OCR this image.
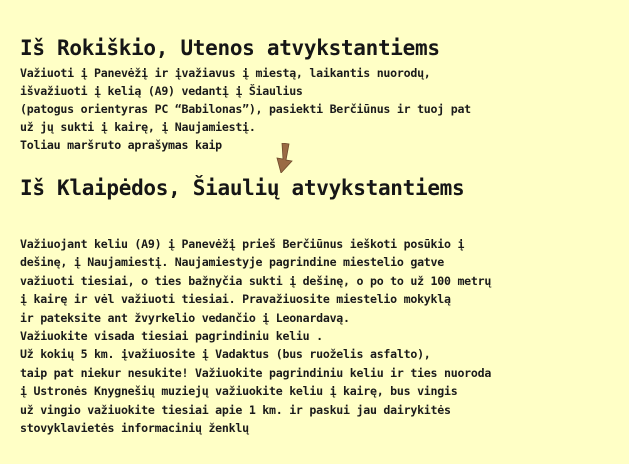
Iš Rokiškio, Utenos atvykstantiems
Važiuoti į Panevėžį ir įvažiavus į miestą, laikantis nuorodų,
išvažiuoti į kelią (A9) vedantį į Šiaulius
(patogus orientyras PC “Babilonas”), pasiekti Berčiūnus ir tuoj pat
už jų sukti į kairę, į Naujamiestį.
Toliau maršruto aprašymas kaip
Iš Klaipėdos, Šiaulių atvykstantiems
Važiuojant keliu (A9) į Panevėžį prieš Berčiūnus ieškoti posūkio į
dešinę, į Naujamiestį. Naujamiestyje pagrindine miestelio gatve
važiuoti tiesiai, o ties bažnyčia sukti į dešinę, o po to už 100 metrų
į kairę ir vėl važiuoti tiesiai. Pravažiuosite miestelio mokyklą
ir pateksite ant žvyrkelio vedančio į Leonardavą.
Važiuokite visada tiesiai pagrindiniu keliu .
Už kokių 5 km. įvažiuosite į Vadaktus (bus ruoželis asfalto),
taip pat niekur nesukite! Važiuokite pagrindiniu keliu ir ties nuoroda
į Ustronės Knygnešių muziejų važiuokite keliu į kairę, bus vingis
už vingio važiuokite tiesiai apie 1 km. ir paskui jau dairykitės
stovyklavietės informacinių ženklų
